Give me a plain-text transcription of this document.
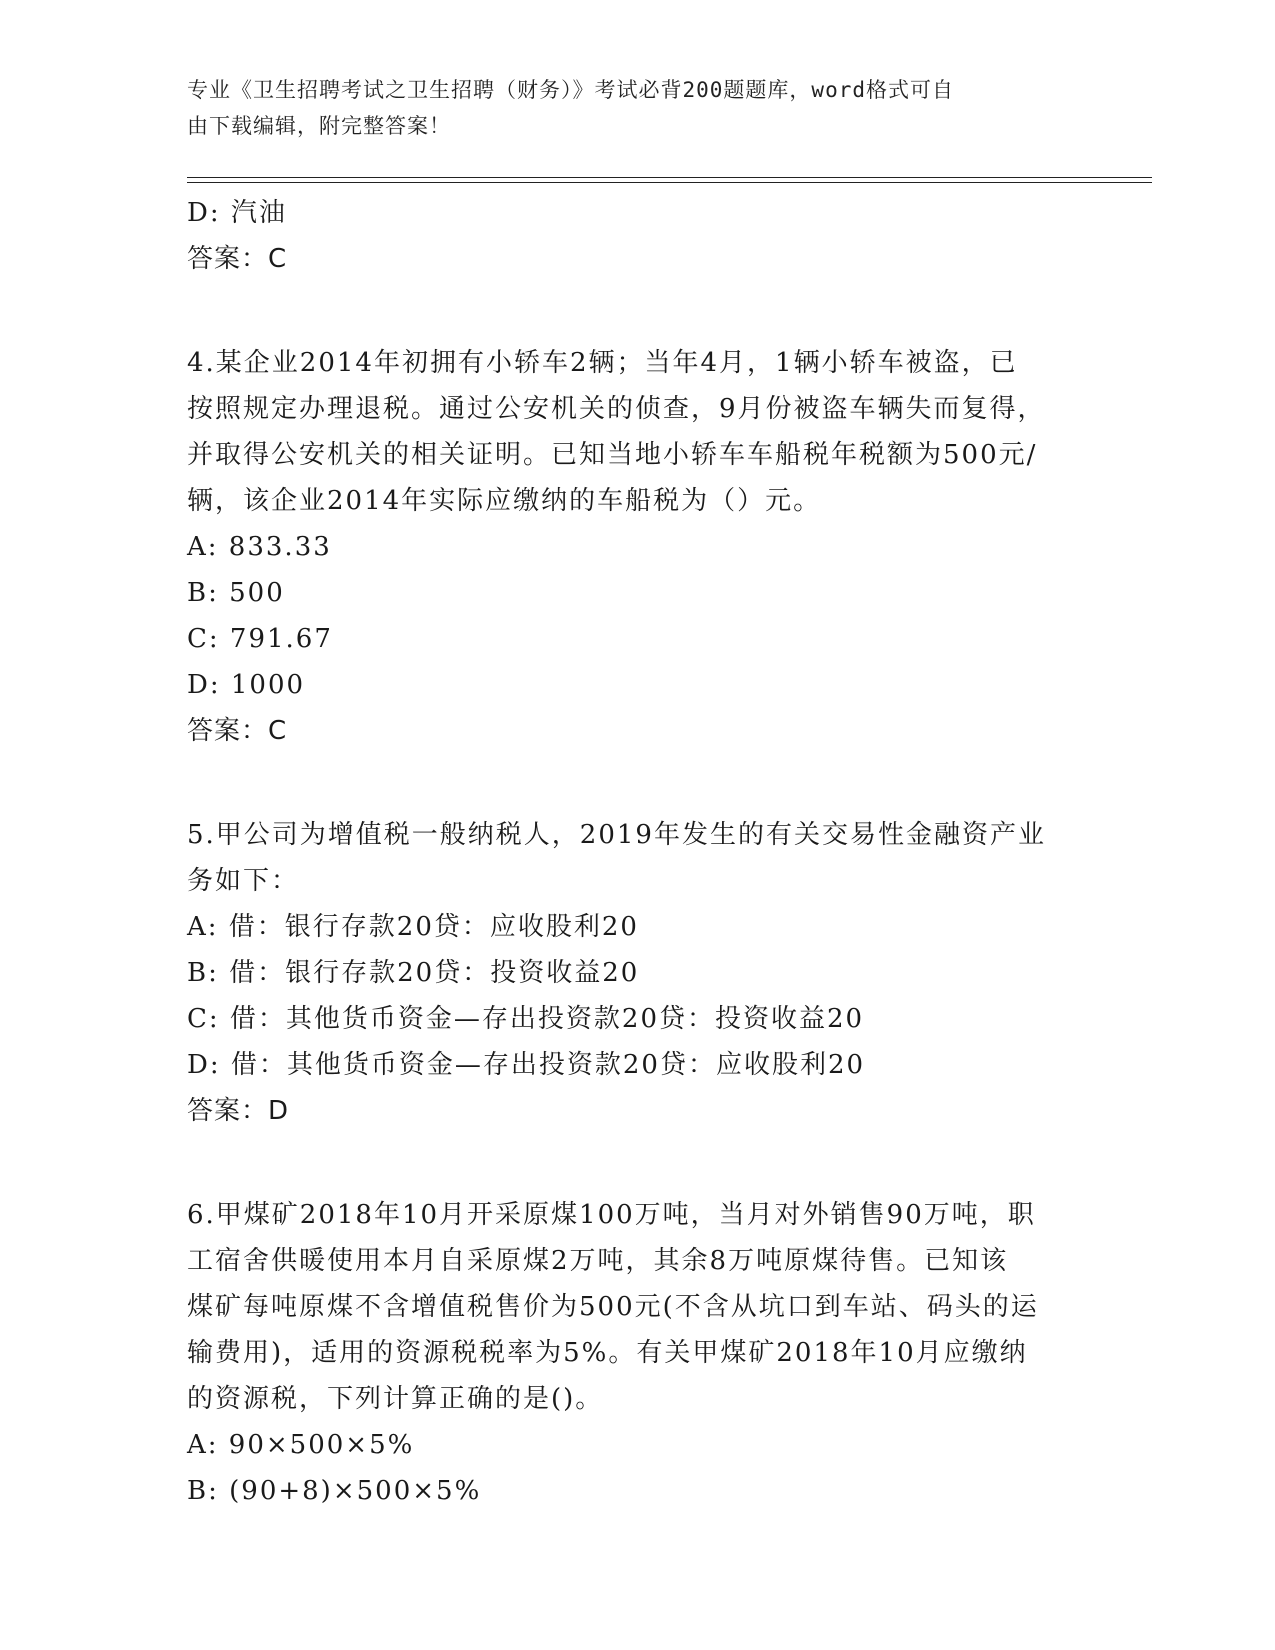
专业《卫生招聘考试之卫生招聘（财务）》考试必背200题题库，word格式可自
由下载编辑，附完整答案！
D: 汽油
答案：C
4.某企业2014年初拥有小轿车2辆；当年4月，1辆小轿车被盗，已
按照规定办理退税。通过公安机关的侦查，9月份被盗车辆失而复得，
并取得公安机关的相关证明。已知当地小轿车车船税年税额为500元/
辆，该企业2014年实际应缴纳的车船税为（）元。
A: 833.33
B: 500
C: 791.67
D: 1000
答案：C
5.甲公司为增值税一般纳税人，2019年发生的有关交易性金融资产业
务如下：
A: 借：银行存款20贷：应收股利20
B: 借：银行存款20贷：投资收益20
C: 借：其他货币资金—存出投资款20贷：投资收益20
D: 借：其他货币资金—存出投资款20贷：应收股利20
答案：D
6.甲煤矿2018年10月开采原煤100万吨，当月对外销售90万吨，职
工宿舍供暖使用本月自采原煤2万吨，其余8万吨原煤待售。已知该
煤矿每吨原煤不含增值税售价为500元(不含从坑口到车站、码头的运
输费用)，适用的资源税税率为5%。有关甲煤矿2018年10月应缴纳
的资源税，下列计算正确的是()。
A: 90×500×5%
B: (90+8)×500×5%
